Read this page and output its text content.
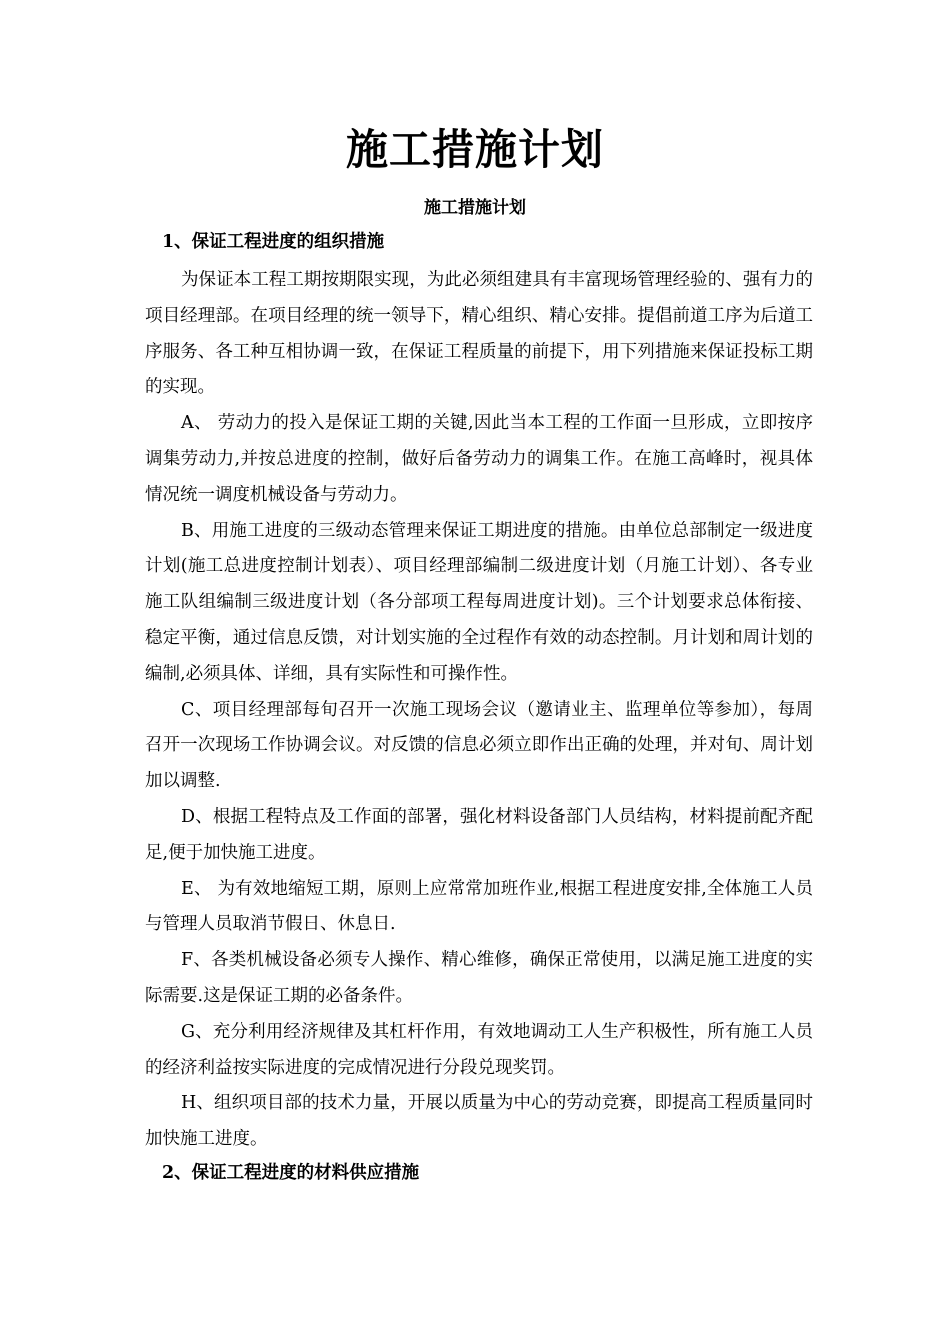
施工措施计划
施工措施计划

1、保证工程进度的组织措施

为保证本工程工期按期限实现，为此必须组建具有丰富现场管理经验的、强有力的项目经理部。在项目经理的统一领导下，精心组织、精心安排。提倡前道工序为后道工序服务、各工种互相协调一致，在保证工程质量的前提下，用下列措施来保证投标工期的实现。

A、 劳动力的投入是保证工期的关键,因此当本工程的工作面一旦形成，立即按序调集劳动力,并按总进度的控制，做好后备劳动力的调集工作。在施工高峰时，视具体情况统一调度机械设备与劳动力。

B、用施工进度的三级动态管理来保证工期进度的措施。由单位总部制定一级进度计划(施工总进度控制计划表）、项目经理部编制二级进度计划（月施工计划）、各专业施工队组编制三级进度计划（各分部项工程每周进度计划)。三个计划要求总体衔接、稳定平衡，通过信息反馈，对计划实施的全过程作有效的动态控制。月计划和周计划的编制,必须具体、详细，具有实际性和可操作性。

C、项目经理部每旬召开一次施工现场会议（邀请业主、监理单位等参加），每周召开一次现场工作协调会议。对反馈的信息必须立即作出正确的处理，并对旬、周计划加以调整.

D、根据工程特点及工作面的部署，强化材料设备部门人员结构，材料提前配齐配足,便于加快施工进度。

E、 为有效地缩短工期，原则上应常常加班作业,根据工程进度安排,全体施工人员与管理人员取消节假日、休息日.

F、各类机械设备必须专人操作、精心维修，确保正常使用，以满足施工进度的实际需要.这是保证工期的必备条件。

G、充分利用经济规律及其杠杆作用，有效地调动工人生产积极性，所有施工人员的经济利益按实际进度的完成情况进行分段兑现奖罚。

H、组织项目部的技术力量，开展以质量为中心的劳动竞赛，即提高工程质量同时加快施工进度。

2、保证工程进度的材料供应措施
